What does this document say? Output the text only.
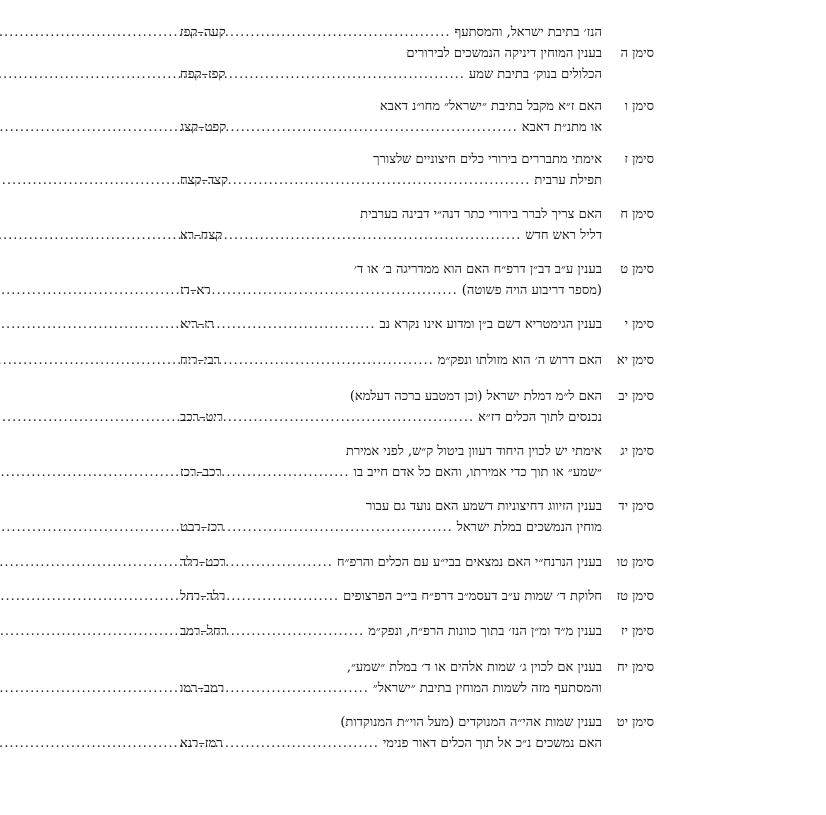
הנז׳ בתיבת ישראל, והמסתעף
.....
קעה–קפז
סימן ה
בענין המוחין דיניקה הנמשכים לבירורים
הכלולים בנוק׳ בתיבת שמע
.....
קפז–קפח
סימן ו
האם ז״א מקבל בתיבת ״ישראל״ מחו״נ דאבא
או מתנ״ת דאבא
.....
קפט–קצג
סימן ז
אימתי מתבררים בירורי כלים חיצוניים שלצורך
תפילת ערבית
.....
קצד–קצח
סימן ח
האם צריך לברר בירורי כתר דנה״י דבינה בערבית
דליל ראש חדש
.....
קצח–רא
סימן ט
בענין ע״ב דב״ן דרפ״ח האם הוא ממדריגה ב׳ או ד׳
(מספר דריבוע הויה פשוטה)
.....
רא–רז
סימן י
בענין הגימטריא דשם ב״ן ומדוע אינו נקרא נב
.....
רז–ריא
סימן יא
האם דרוש ה׳ הוא מזולתו ונפק״מ
.....
רבי–ריח
סימן יב
האם ל״מ דמלת ישראל (וכן דמטבע ברכה דעלמא)
נכנסים לתוך הכלים דז״א
.....
ריט–רכב
סימן יג
אימתי יש לכוין היחוד דעוון ביטול ק״ש, לפני אמירת
״שמע״ או תוך כדי אמירתו, והאם כל אדם חייב בו
.....
רכב–רכז
סימן יד
בענין הזיווג דחיצוניות דשמע האם נועד גם עבור
מוחין הנמשכים במלת ישראל
.....
רכז–רכט
סימן טו
בענין הנרנח״י האם נמצאים בבי״ע עם הכלים והרפ״ח
.....
רכט–רלד
סימן טז
חלוקת ד׳ שמות ע״ב דעסמ״ב דרפ״ח בי״ב הפרצופים
.....
רלד–רחל
סימן יז
בענין מ״ד ומ״ן הנז׳ בתוך כוונות הרפ״ח, ונפק״מ
.....
רחל–רמב
סימן יח
בענין אם לכוין ג׳ שמות אלהים או ד׳ במלת ״שמע״,
והמסתעף מזה לשמות המוחין בתיבת ״ישראל״
.....
רמב–רמו
סימן יט
בענין שמות אהי״ה המנוקדים (מעל הוי״ת המנוקדות)
האם נמשכים נ״כ אל תוך הכלים דאור פנימי
.....
רמז–רנא
